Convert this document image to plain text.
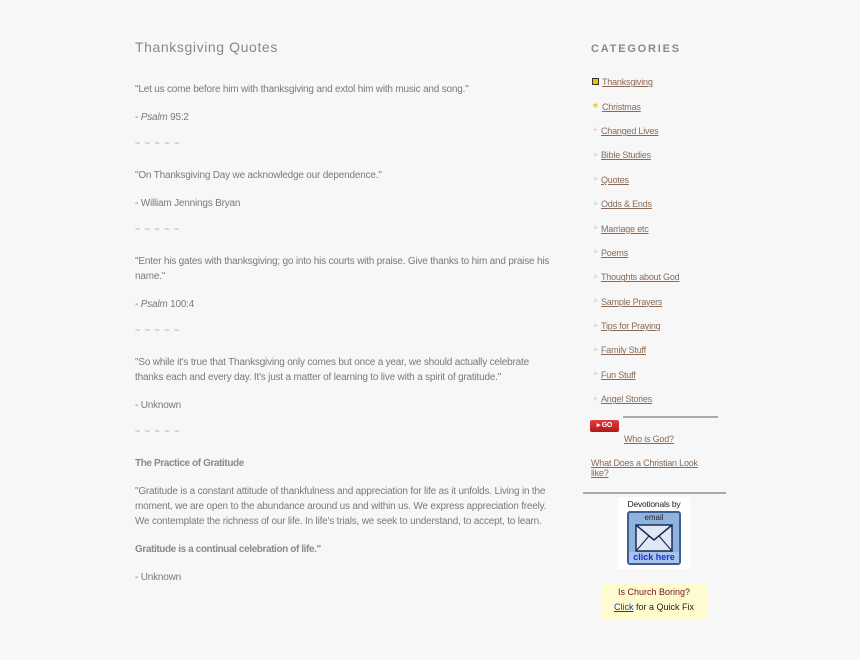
Thanksgiving Quotes
"Let us come before him with thanksgiving and extol him with music and song."
- Psalm 95:2
~ ~ ~ ~ ~
"On Thanksgiving Day we acknowledge our dependence."
- William Jennings Bryan
~ ~ ~ ~ ~
"Enter his gates with thanksgiving; go into his courts with praise. Give thanks to him and praise his name."
- Psalm 100:4
~ ~ ~ ~ ~
"So while it's true that Thanksgiving only comes but once a year, we should actually celebrate thanks each and every day. It's just a matter of learning to live with a spirit of gratitude."
- Unknown
~ ~ ~ ~ ~
The Practice of Gratitude
"Gratitude is a constant attitude of thankfulness and appreciation for life as it unfolds. Living in the moment, we are open to the abundance around us and within us. We express appreciation freely. We contemplate the richness of our life. In life's trials, we seek to understand, to accept, to learn.
Gratitude is a continual celebration of life."
- Unknown
CATEGORIES
Thanksgiving
✶ Christmas
⁘ Changed Lives
⁘ Bible Studies
⁘ Quotes
⁘ Odds & Ends
⁘ Marriage etc
⁘ Poems
⁘ Thoughts about God
⁘ Sample Prayers
⁘ Tips for Praying
⁘ Family Stuff
⁘ Fun Stuff
⁘ Angel Stories
▸ GO
Who is God?
What Does a Christian Look like?
Devotionals by
email
click here
Is Church Boring?
Click for a Quick Fix
